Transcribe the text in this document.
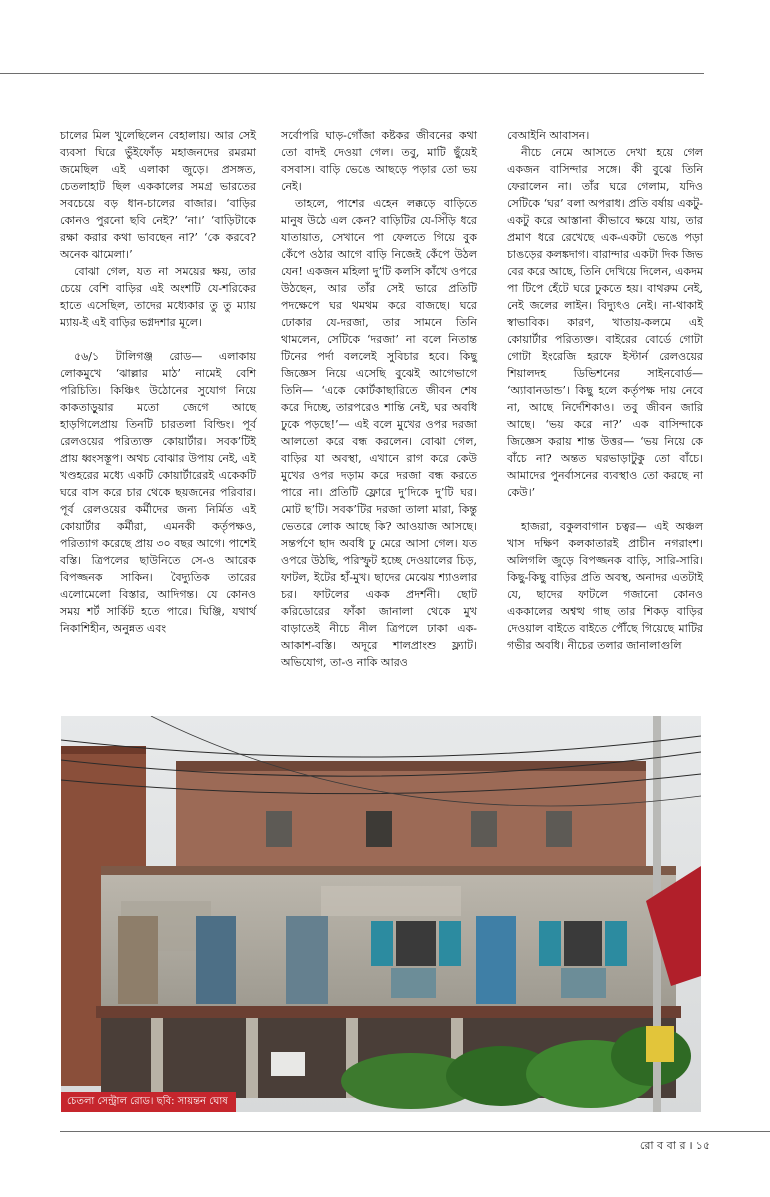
চালের মিল খুলেছিলেন বেহালায়। আর সেই ব্যবসা ঘিরে ভুঁইফোঁড় মহাজনদের রমরমা জমেছিল এই এলাকা জুড়ে। প্রসঙ্গত, চেতলাহাট ছিল এককালের সমগ্র ভারতের সবচেয়ে বড় ধান-চালের বাজার। ‘বাড়ির কোনও পুরনো ছবি নেই?’ ‘না।’ ‘বাড়িটাকে রক্ষা করার কথা ভাবছেন না?’ ‘কে করবে? অনেক ঝামেলা।’

বোঝা গেল, যত না সময়ের ক্ষয়, তার চেয়ে বেশি বাড়ির এই অংশটি যে-শরিকের হাতে এসেছিল, তাদের মধ্যেকার তু তু ম্যায় ম্যায়-ই এই বাড়ির ভগ্নদশার মূলে।

৫৬/১ টালিগঞ্জ রোড— এলাকায় লোকমুখে ‘ঝাল্লার মাঠ’ নামেই বেশি পরিচিতি। কিঞ্চিৎ উঠোনের সুযোগ নিয়ে কাকতাড়ুয়ার মতো জেগে আছে হাড়গিলেপ্রায় তিনটি চারতলা বিল্ডিং। পূর্ব রেলওয়ের পরিত্যক্ত কোয়ার্টার। সবক’টিই প্রায় ধ্বংসস্তূপ। অথচ বোঝার উপায় নেই, এই খণ্ডহরের মধ্যে একটি কোয়ার্টারেরই একেকটি ঘরে বাস করে চার থেকে ছয়জনের পরিবার। পূর্ব রেলওয়ের কর্মীদের জন্য নির্মিত এই কোয়ার্টার কর্মীরা, এমনকী কর্তৃপক্ষও, পরিত্যাগ করেছে প্রায় ৩০ বছর আগে। পাশেই বস্তি। ত্রিপলের ছাউনিতে সে-ও আরেক বিপজ্জনক সাকিন। বৈদ্যুতিক তারের এলোমেলো বিস্তার, আদিগন্ত। যে কোনও সময় শর্ট সার্কিট হতে পারে। ঘিঞ্জি, যথার্থ নিকাশিহীন, অনুন্নত এবং

সর্বোপরি ঘাড়-গোঁজা কষ্টকর জীবনের কথা তো বাদই দেওয়া গেল। তবু, মাটি ছুঁয়েই বসবাস। বাড়ি ভেঙে আছড়ে পড়ার তো ভয় নেই।

তাহলে, পাশের এহেন লক্কড়ে বাড়িতে মানুষ উঠে এল কেন? বাড়িটির যে-সিঁড়ি ধরে যাতায়াত, সেখানে পা ফেলতে গিয়ে বুক কেঁপে ওঠার আগে বাড়ি নিজেই কেঁপে উঠল যেন! একজন মহিলা দু’টি কলসি কাঁখে ওপরে উঠছেন, আর তাঁর সেই ভারে প্রতিটি পদক্ষেপে ঘর থমথম করে বাজছে। ঘরে ঢোকার যে-দরজা, তার সামনে তিনি থামলেন, সেটিকে ‘দরজা’ না বলে নিতান্ত টিনের পর্দা বললেই সুবিচার হবে। কিছু জিজ্ঞেস নিয়ে এসেছি বুঝেই আগেভাগে তিনি— ‘একে কোর্টকাছারিতে জীবন শেষ করে দিচ্ছে, তারপরেও শান্তি নেই, ঘর অবধি ঢুকে পড়ছে!’— এই বলে মুখের ওপর দরজা আলতো করে বন্ধ করলেন। বোঝা গেল, বাড়ির যা অবস্থা, এখানে রাগ করে কেউ মুখের ওপর দড়াম করে দরজা বন্ধ করতে পারে না। প্রতিটি ফ্লোরে দু’দিকে দু’টি ঘর। মোট ছ’টি। সবক’টির দরজা তালা মারা, কিন্তু ভেতরে লোক আছে কি? আওয়াজ আসছে। সন্তর্পণে ছাদ অবধি ঢু মেরে আসা গেল। যত ওপরে উঠছি, পরিস্ফুট হচ্ছে দেওয়ালের চিড়, ফাটল, ইটের হাঁ-মুখ। ছাদের মেঝেয় শ্যাওলার চর। ফাটলের একক প্রদর্শনী। ছোট করিডোরের ফাঁকা জানালা থেকে মুখ বাড়াতেই নীচে নীল ত্রিপলে ঢাকা এক-আকাশ-বস্তি। অদূরে শালপ্রাংশু ফ্ল্যাট। অভিযোগ, তা-ও নাকি আরও

বেআইনি আবাসন।

নীচে নেমে আসতে দেখা হয়ে গেল একজন বাসিন্দার সঙ্গে। কী বুঝে তিনি ফেরালেন না। তাঁর ঘরে গেলাম, যদিও সেটিকে ‘ঘর’ বলা অপরাধ। প্রতি বর্ষায় একটু-একটু করে আস্তানা কীভাবে ক্ষয়ে যায়, তার প্রমাণ ধরে রেখেছে এক-একটা ভেঙে পড়া চাঙড়ের কলঙ্কদাগ। বারান্দার একটা দিক জিভ বের করে আছে, তিনি দেখিয়ে দিলেন, একদম পা টিপে হেঁটে ঘরে ঢুকতে হয়। বাথরুম নেই, নেই জলের লাইন। বিদ্যুৎও নেই। না-থাকাই স্বাভাবিক। কারণ, খাতায়-কলমে এই কোয়ার্টার পরিত্যক্ত। বাইরের বোর্ডে গোটা গোটা ইংরেজি হরফে ইস্টার্ন রেলওয়ের শিয়ালদহ ডিভিশনের সাইনবোর্ড— ‘অ্যাবানডান্ড’। কিছু হলে কর্তৃপক্ষ দায় নেবে না, আছে নির্দেশিকাও। তবু জীবন জারি আছে। ‘ভয় করে না?’ এক বাসিন্দাকে জিজ্ঞেস করায় শান্ত উত্তর— ‘ভয় নিয়ে কে বাঁচে না? অন্তত ঘরভাড়াটুকু তো বাঁচে। আমাদের পুনর্বাসনের ব্যবস্থাও তো করছে না কেউ।’

হাজরা, বকুলবাগান চত্বর— এই অঞ্চল খাস দক্ষিণ কলকাতারই প্রাচীন নগরাংশ। অলিগলি জুড়ে বিপজ্জনক বাড়ি, সারি-সারি। কিছু-কিছু বাড়ির প্রতি অবস্থ, অনাদর এতটাই যে, ছাদের ফাটলে গজানো কোনও এককালের অশ্বত্থ গাছ তার শিকড় বাড়ির দেওয়াল বাইতে বাইতে পৌঁছে গিয়েছে মাটির গভীর অবধি। নীচের তলার জানালাগুলি

চেতলা সেন্ট্রাল রোড। ছবি: সায়ন্তন ঘোষ
রো ব বা র । ১৫
